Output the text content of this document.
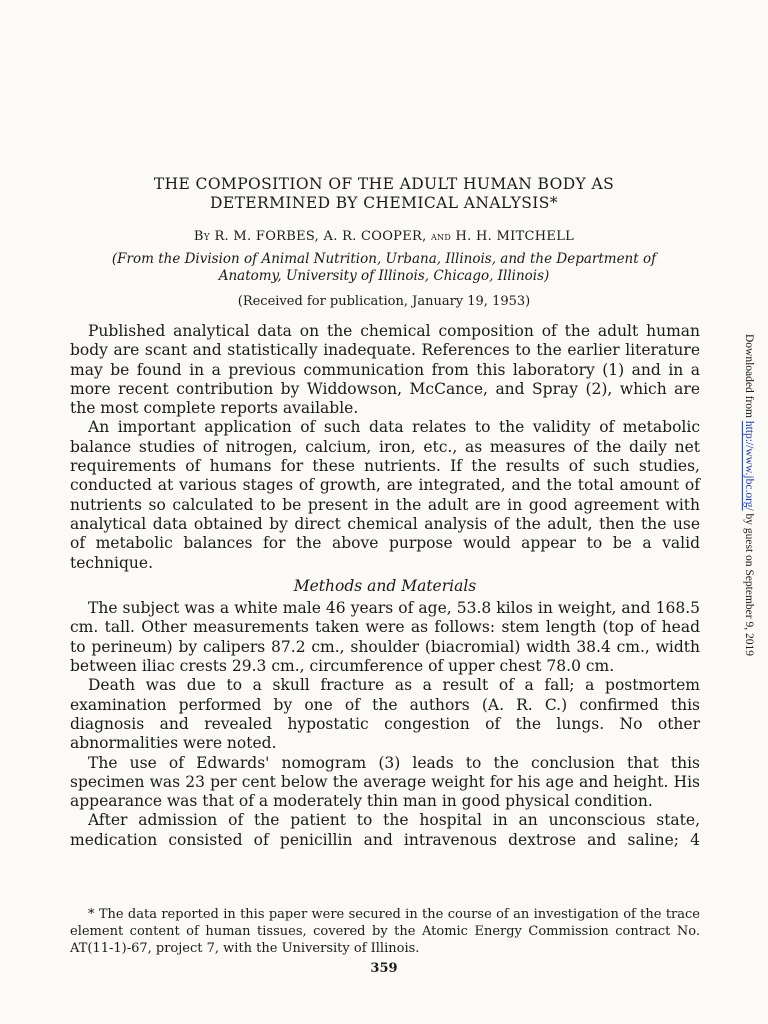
THE COMPOSITION OF THE ADULT HUMAN BODY AS
DETERMINED BY CHEMICAL ANALYSIS*
By R. M. FORBES, A. R. COOPER, and H. H. MITCHELL
(From the Division of Animal Nutrition, Urbana, Illinois, and the Department of
Anatomy, University of Illinois, Chicago, Illinois)
(Received for publication, January 19, 1953)

Published analytical data on the chemical composition of the adult human body are scant and statistically inadequate. References to the earlier literature may be found in a previous communication from this laboratory (1) and in a more recent contribution by Widdowson, McCance, and Spray (2), which are the most complete reports available.

An important application of such data relates to the validity of metabolic balance studies of nitrogen, calcium, iron, etc., as measures of the daily net requirements of humans for these nutrients. If the results of such studies, conducted at various stages of growth, are integrated, and the total amount of nutrients so calculated to be present in the adult are in good agreement with analytical data obtained by direct chemical analysis of the adult, then the use of metabolic balances for the above purpose would appear to be a valid technique.

Methods and Materials

The subject was a white male 46 years of age, 53.8 kilos in weight, and 168.5 cm. tall. Other measurements taken were as follows: stem length (top of head to perineum) by calipers 87.2 cm., shoulder (biacromial) width 38.4 cm., width between iliac crests 29.3 cm., circumference of upper chest 78.0 cm.

Death was due to a skull fracture as a result of a fall; a postmortem examination performed by one of the authors (A. R. C.) confirmed this diagnosis and revealed hypostatic congestion of the lungs. No other abnormalities were noted.

The use of Edwards' nomogram (3) leads to the conclusion that this specimen was 23 per cent below the average weight for his age and height. His appearance was that of a moderately thin man in good physical condition.

After admission of the patient to the hospital in an unconscious state, medication consisted of penicillin and intravenous dextrose and saline; 4

* The data reported in this paper were secured in the course of an investigation of the trace element content of human tissues, covered by the Atomic Energy Commission contract No. AT(11-1)-67, project 7, with the University of Illinois.

359
Downloaded from http://www.jbc.org/ by guest on September 9, 2019
